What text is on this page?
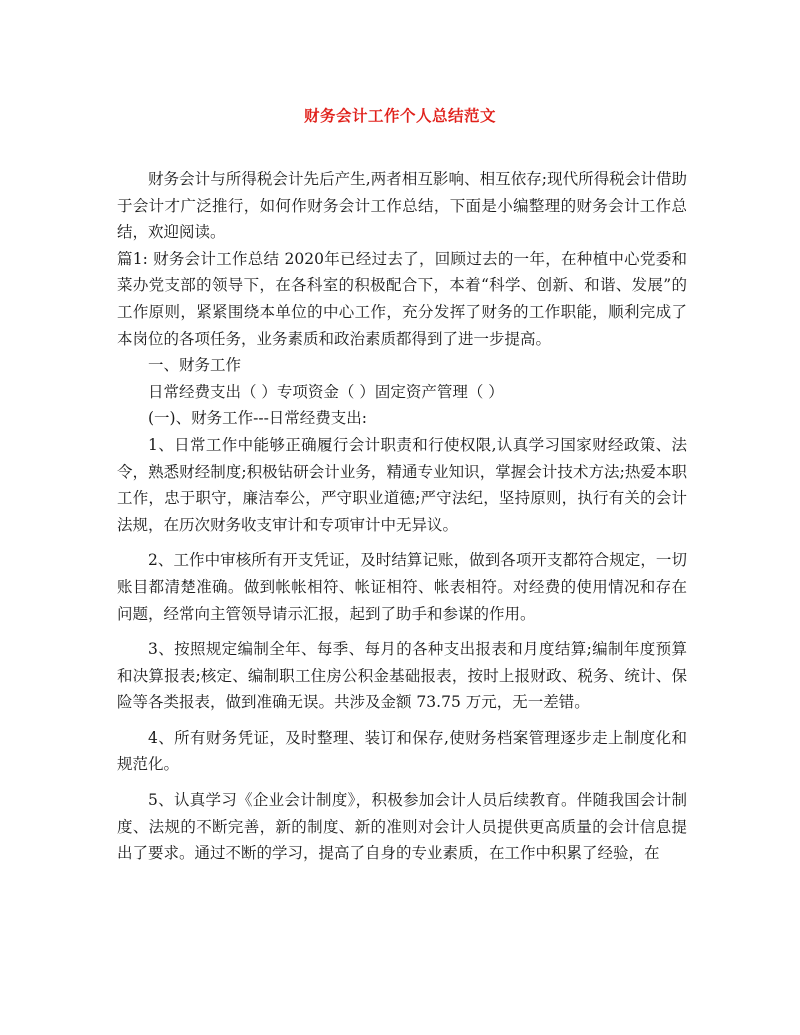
财务会计工作个人总结范文

财务会计与所得税会计先后产生,两者相互影响、相互依存;现代所得税会计借助于会计才广泛推行，如何作财务会计工作总结，下面是小编整理的财务会计工作总结，欢迎阅读。

篇1: 财务会计工作总结 2020年已经过去了，回顾过去的一年，在种植中心党委和菜办党支部的领导下，在各科室的积极配合下，本着“科学、创新、和谐、发展”的工作原则，紧紧围绕本单位的中心工作，充分发挥了财务的工作职能，顺利完成了本岗位的各项任务，业务素质和政治素质都得到了进一步提高。

一、财务工作

日常经费支出（ ）专项资金（ ）固定资产管理（ ）

(一)、财务工作---日常经费支出:

1、日常工作中能够正确履行会计职责和行使权限,认真学习国家财经政策、法令，熟悉财经制度;积极钻研会计业务，精通专业知识，掌握会计技术方法;热爱本职工作，忠于职守，廉洁奉公，严守职业道德;严守法纪，坚持原则，执行有关的会计法规，在历次财务收支审计和专项审计中无异议。

2、工作中审核所有开支凭证，及时结算记账，做到各项开支都符合规定，一切账目都清楚准确。做到帐帐相符、帐证相符、帐表相符。对经费的使用情况和存在问题，经常向主管领导请示汇报，起到了助手和参谋的作用。

3、按照规定编制全年、每季、每月的各种支出报表和月度结算;编制年度预算和决算报表;核定、编制职工住房公积金基础报表，按时上报财政、税务、统计、保险等各类报表，做到准确无误。共涉及金额 73.75 万元，无一差错。

4、所有财务凭证，及时整理、装订和保存,使财务档案管理逐步走上制度化和规范化。

5、认真学习《企业会计制度》，积极参加会计人员后续教育。伴随我国会计制度、法规的不断完善，新的制度、新的准则对会计人员提供更高质量的会计信息提出了要求。通过不断的学习，提高了自身的专业素质，在工作中积累了经验，在
